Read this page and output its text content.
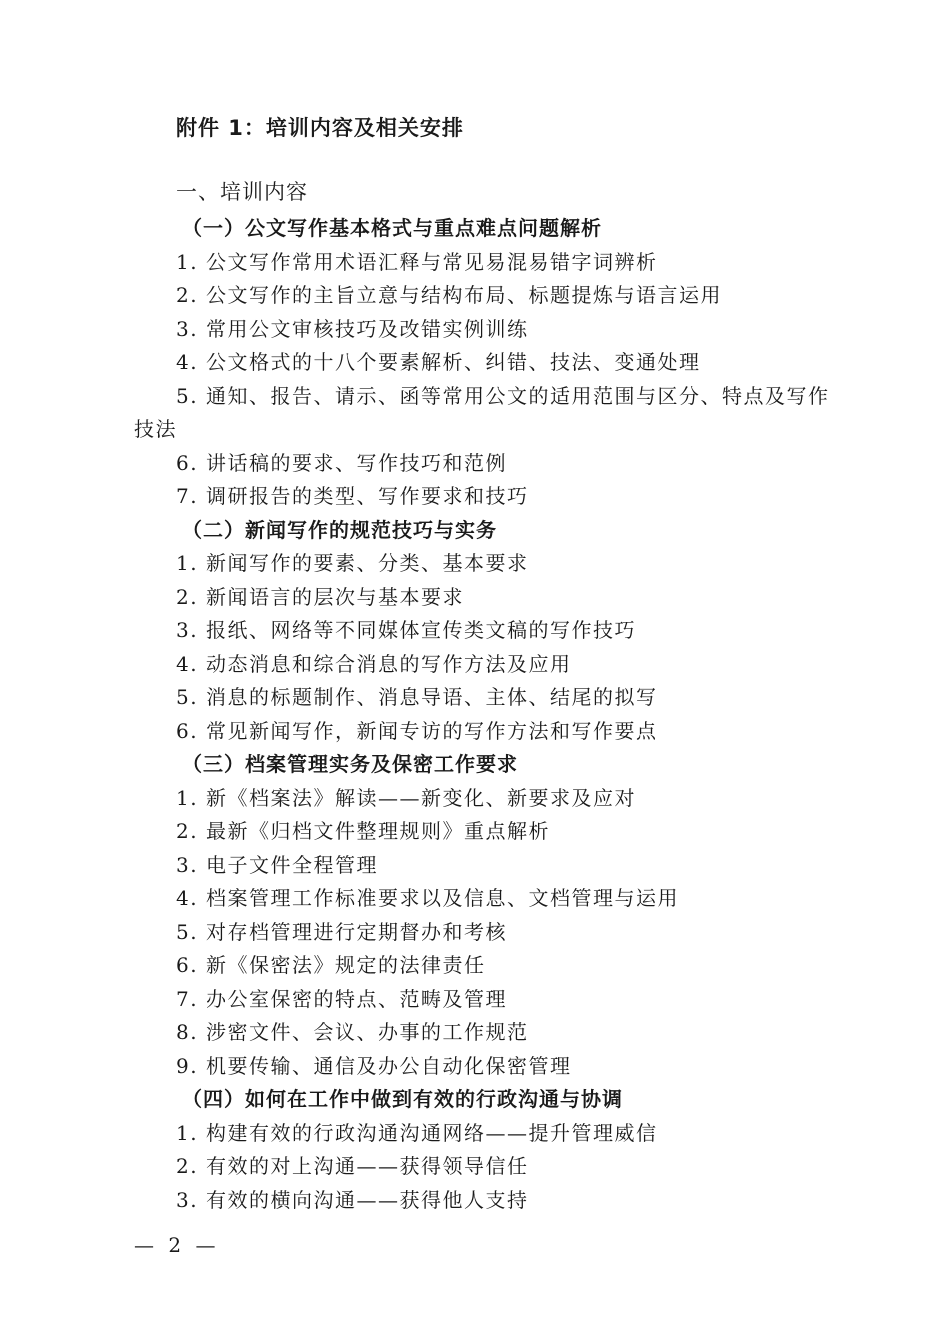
附件 1：培训内容及相关安排
一、培训内容
（一）公文写作基本格式与重点难点问题解析
1. 公文写作常用术语汇释与常见易混易错字词辨析
2. 公文写作的主旨立意与结构布局、标题提炼与语言运用
3. 常用公文审核技巧及改错实例训练
4. 公文格式的十八个要素解析、纠错、技法、变通处理
5. 通知、报告、请示、函等常用公文的适用范围与区分、特点及写作
技法
6. 讲话稿的要求、写作技巧和范例
7. 调研报告的类型、写作要求和技巧
（二）新闻写作的规范技巧与实务
1. 新闻写作的要素、分类、基本要求
2. 新闻语言的层次与基本要求
3. 报纸、网络等不同媒体宣传类文稿的写作技巧
4. 动态消息和综合消息的写作方法及应用
5. 消息的标题制作、消息导语、主体、结尾的拟写
6. 常见新闻写作，新闻专访的写作方法和写作要点
（三）档案管理实务及保密工作要求
1. 新《档案法》解读——新变化、新要求及应对
2. 最新《归档文件整理规则》重点解析
3. 电子文件全程管理
4. 档案管理工作标准要求以及信息、文档管理与运用
5. 对存档管理进行定期督办和考核
6. 新《保密法》规定的法律责任
7. 办公室保密的特点、范畴及管理
8. 涉密文件、会议、办事的工作规范
9. 机要传输、通信及办公自动化保密管理
（四）如何在工作中做到有效的行政沟通与协调
1. 构建有效的行政沟通沟通网络——提升管理威信
2. 有效的对上沟通——获得领导信任
3. 有效的横向沟通——获得他人支持
— 2 —
